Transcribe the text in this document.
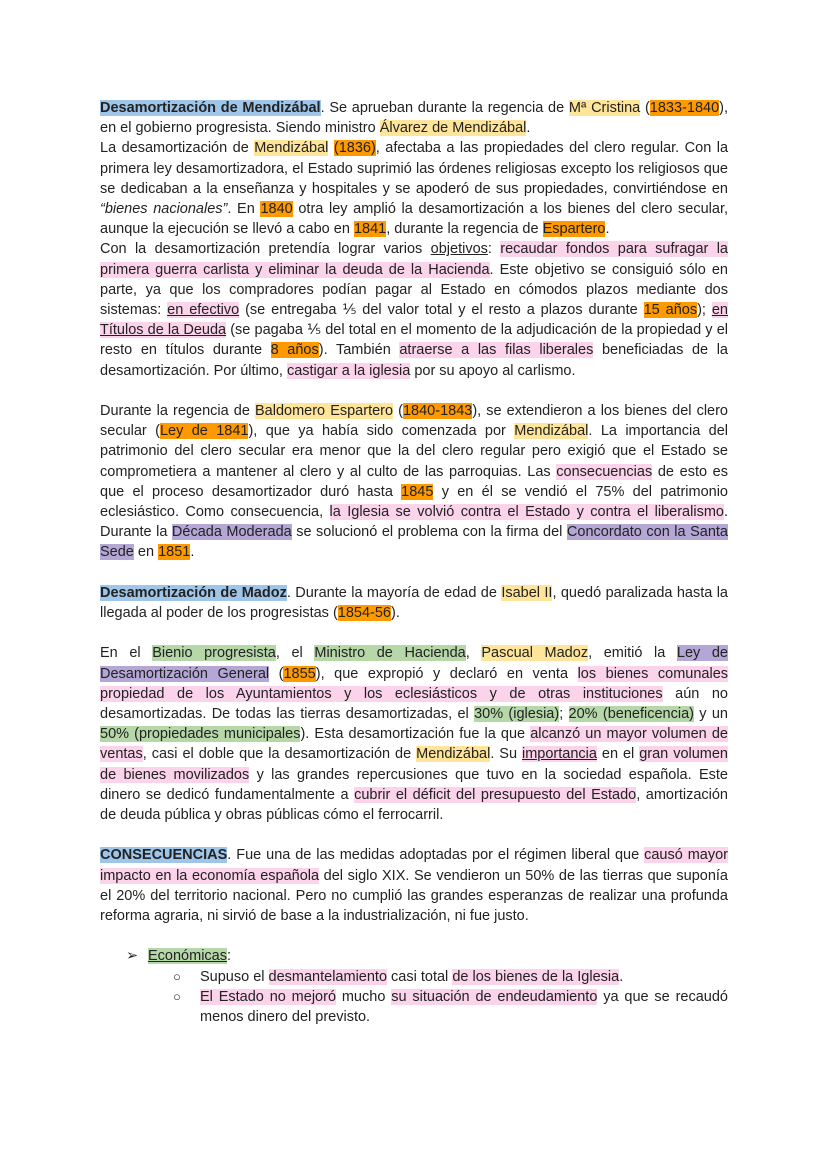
Desamortización de Mendizábal. Se aprueban durante la regencia de Mª Cristina (1833-1840), en el gobierno progresista. Siendo ministro Álvarez de Mendizábal.

La desamortización de Mendizábal (1836), afectaba a las propiedades del clero regular. Con la primera ley desamortizadora, el Estado suprimió las órdenes religiosas excepto los religiosos que se dedicaban a la enseñanza y hospitales y se apoderó de sus propiedades, convirtiéndose en “bienes nacionales”. En 1840 otra ley amplió la desamortización a los bienes del clero secular, aunque la ejecución se llevó a cabo en 1841, durante la regencia de Espartero.

Con la desamortización pretendía lograr varios objetivos: recaudar fondos para sufragar la primera guerra carlista y eliminar la deuda de la Hacienda. Este objetivo se consiguió sólo en parte, ya que los compradores podían pagar al Estado en cómodos plazos mediante dos sistemas: en efectivo (se entregaba ⅕ del valor total y el resto a plazos durante 15 años); en Títulos de la Deuda (se pagaba ⅕ del total en el momento de la adjudicación de la propiedad y el resto en títulos durante 8 años). También atraerse a las filas liberales beneficiadas de la desamortización. Por último, castigar a la iglesia por su apoyo al carlismo.

Durante la regencia de Baldomero Espartero (1840-1843), se extendieron a los bienes del clero secular (Ley de 1841), que ya había sido comenzada por Mendizábal. La importancia del patrimonio del clero secular era menor que la del clero regular pero exigió que el Estado se comprometiera a mantener al clero y al culto de las parroquias. Las consecuencias de esto es que el proceso desamortizador duró hasta 1845 y en él se vendió el 75% del patrimonio eclesiástico. Como consecuencia, la Iglesia se volvió contra el Estado y contra el liberalismo. Durante la Década Moderada se solucionó el problema con la firma del Concordato con la Santa Sede en 1851.

Desamortización de Madoz. Durante la mayoría de edad de Isabel II, quedó paralizada hasta la llegada al poder de los progresistas (1854-56).

En el Bienio progresista, el Ministro de Hacienda, Pascual Madoz, emitió la Ley de Desamortización General (1855), que expropió y declaró en venta los bienes comunales propiedad de los Ayuntamientos y los eclesiásticos y de otras instituciones aún no desamortizadas. De todas las tierras desamortizadas, el 30% (iglesia); 20% (beneficencia) y un 50% (propiedades municipales). Esta desamortización fue la que alcanzó un mayor volumen de ventas, casi el doble que la desamortización de Mendizábal. Su importancia en el gran volumen de bienes movilizados y las grandes repercusiones que tuvo en la sociedad española. Este dinero se dedicó fundamentalmente a cubrir el déficit del presupuesto del Estado, amortización de deuda pública y obras públicas cómo el ferrocarril.

CONSECUENCIAS. Fue una de las medidas adoptadas por el régimen liberal que causó mayor impacto en la economía española del siglo XIX. Se vendieron un 50% de las tierras que suponía el 20% del territorio nacional. Pero no cumplió las grandes esperanzas de realizar una profunda reforma agraria, ni sirvió de base a la industrialización, ni fue justo.

➢ Económicas:

○ Supuso el desmantelamiento casi total de los bienes de la Iglesia.
○ El Estado no mejoró mucho su situación de endeudamiento ya que se recaudó menos dinero del previsto.
